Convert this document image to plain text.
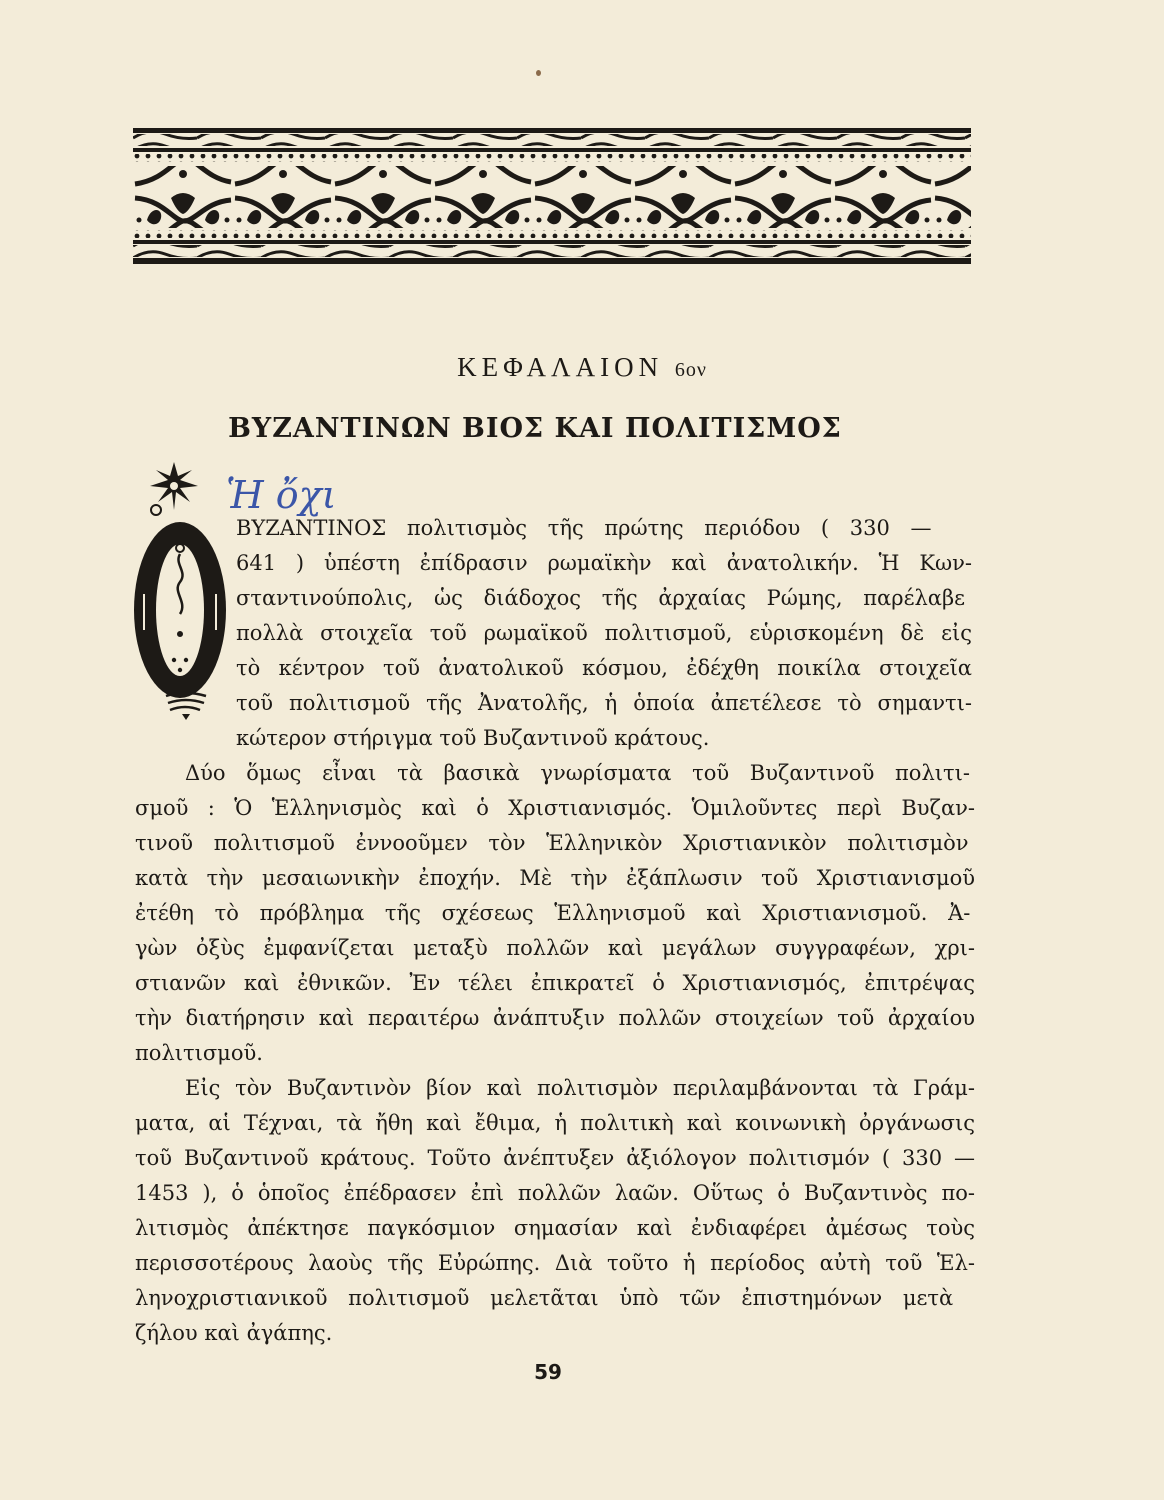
ΚΕΦΑΛΑΙΟΝ 6ον
ΒΥΖΑΝΤΙΝΩΝ ΒΙΟΣ ΚΑΙ ΠΟΛΙΤΙΣΜΟΣ
Ἡ ὄχι
ΒΥΖΑΝΤΙΝΟΣ πολιτισμὸς τῆς πρώτης περιόδου ( 330 —
641 ) ὑπέστη ἐπίδρασιν ρωμαϊκὴν καὶ ἀνατολικήν. Ἡ Κων-
σταντινούπολις, ὡς διάδοχος τῆς ἀρχαίας Ρώμης, παρέλαβε
πολλὰ στοιχεῖα τοῦ ρωμαϊκοῦ πολιτισμοῦ, εὑρισκομένη δὲ εἰς
τὸ κέντρον τοῦ ἀνατολικοῦ κόσμου, ἐδέχθη ποικίλα στοιχεῖα
τοῦ πολιτισμοῦ τῆς Ἀνατολῆς, ἡ ὁποία ἀπετέλεσε τὸ σημαντι-
κώτερον στήριγμα τοῦ Βυζαντινοῦ κράτους.
Δύο ὅμως εἶναι τὰ βασικὰ γνωρίσματα τοῦ Βυζαντινοῦ πολιτι-
σμοῦ : Ὁ Ἑλληνισμὸς καὶ ὁ Χριστιανισμός. Ὁμιλοῦντες περὶ Βυζαν-
τινοῦ πολιτισμοῦ ἐννοοῦμεν τὸν Ἑλληνικὸν Χριστιανικὸν πολιτισμὸν
κατὰ τὴν μεσαιωνικὴν ἐποχήν. Μὲ τὴν ἐξάπλωσιν τοῦ Χριστιανισμοῦ
ἐτέθη τὸ πρόβλημα τῆς σχέσεως Ἑλληνισμοῦ καὶ Χριστιανισμοῦ. Ἀ-
γὼν ὀξὺς ἐμφανίζεται μεταξὺ πολλῶν καὶ μεγάλων συγγραφέων, χρι-
στιανῶν καὶ ἐθνικῶν. Ἐν τέλει ἐπικρατεῖ ὁ Χριστιανισμός, ἐπιτρέψας
τὴν διατήρησιν καὶ περαιτέρω ἀνάπτυξιν πολλῶν στοιχείων τοῦ ἀρχαίου
πολιτισμοῦ.
Εἰς τὸν Βυζαντινὸν βίον καὶ πολιτισμὸν περιλαμβάνονται τὰ Γράμ-
ματα, αἱ Τέχναι, τὰ ἤθη καὶ ἔθιμα, ἡ πολιτικὴ καὶ κοινωνικὴ ὀργάνωσις
τοῦ Βυζαντινοῦ κράτους. Τοῦτο ἀνέπτυξεν ἀξιόλογον πολιτισμόν ( 330 —
1453 ), ὁ ὁποῖος ἐπέδρασεν ἐπὶ πολλῶν λαῶν. Οὕτως ὁ Βυζαντινὸς πο-
λιτισμὸς ἀπέκτησε παγκόσμιον σημασίαν καὶ ἐνδιαφέρει ἀμέσως τοὺς
περισσοτέρους λαοὺς τῆς Εὐρώπης. Διὰ τοῦτο ἡ περίοδος αὐτὴ τοῦ Ἑλ-
ληνοχριστιανικοῦ πολιτισμοῦ μελετᾶται ὑπὸ τῶν ἐπιστημόνων μετὰ
ζήλου καὶ ἀγάπης.
59
